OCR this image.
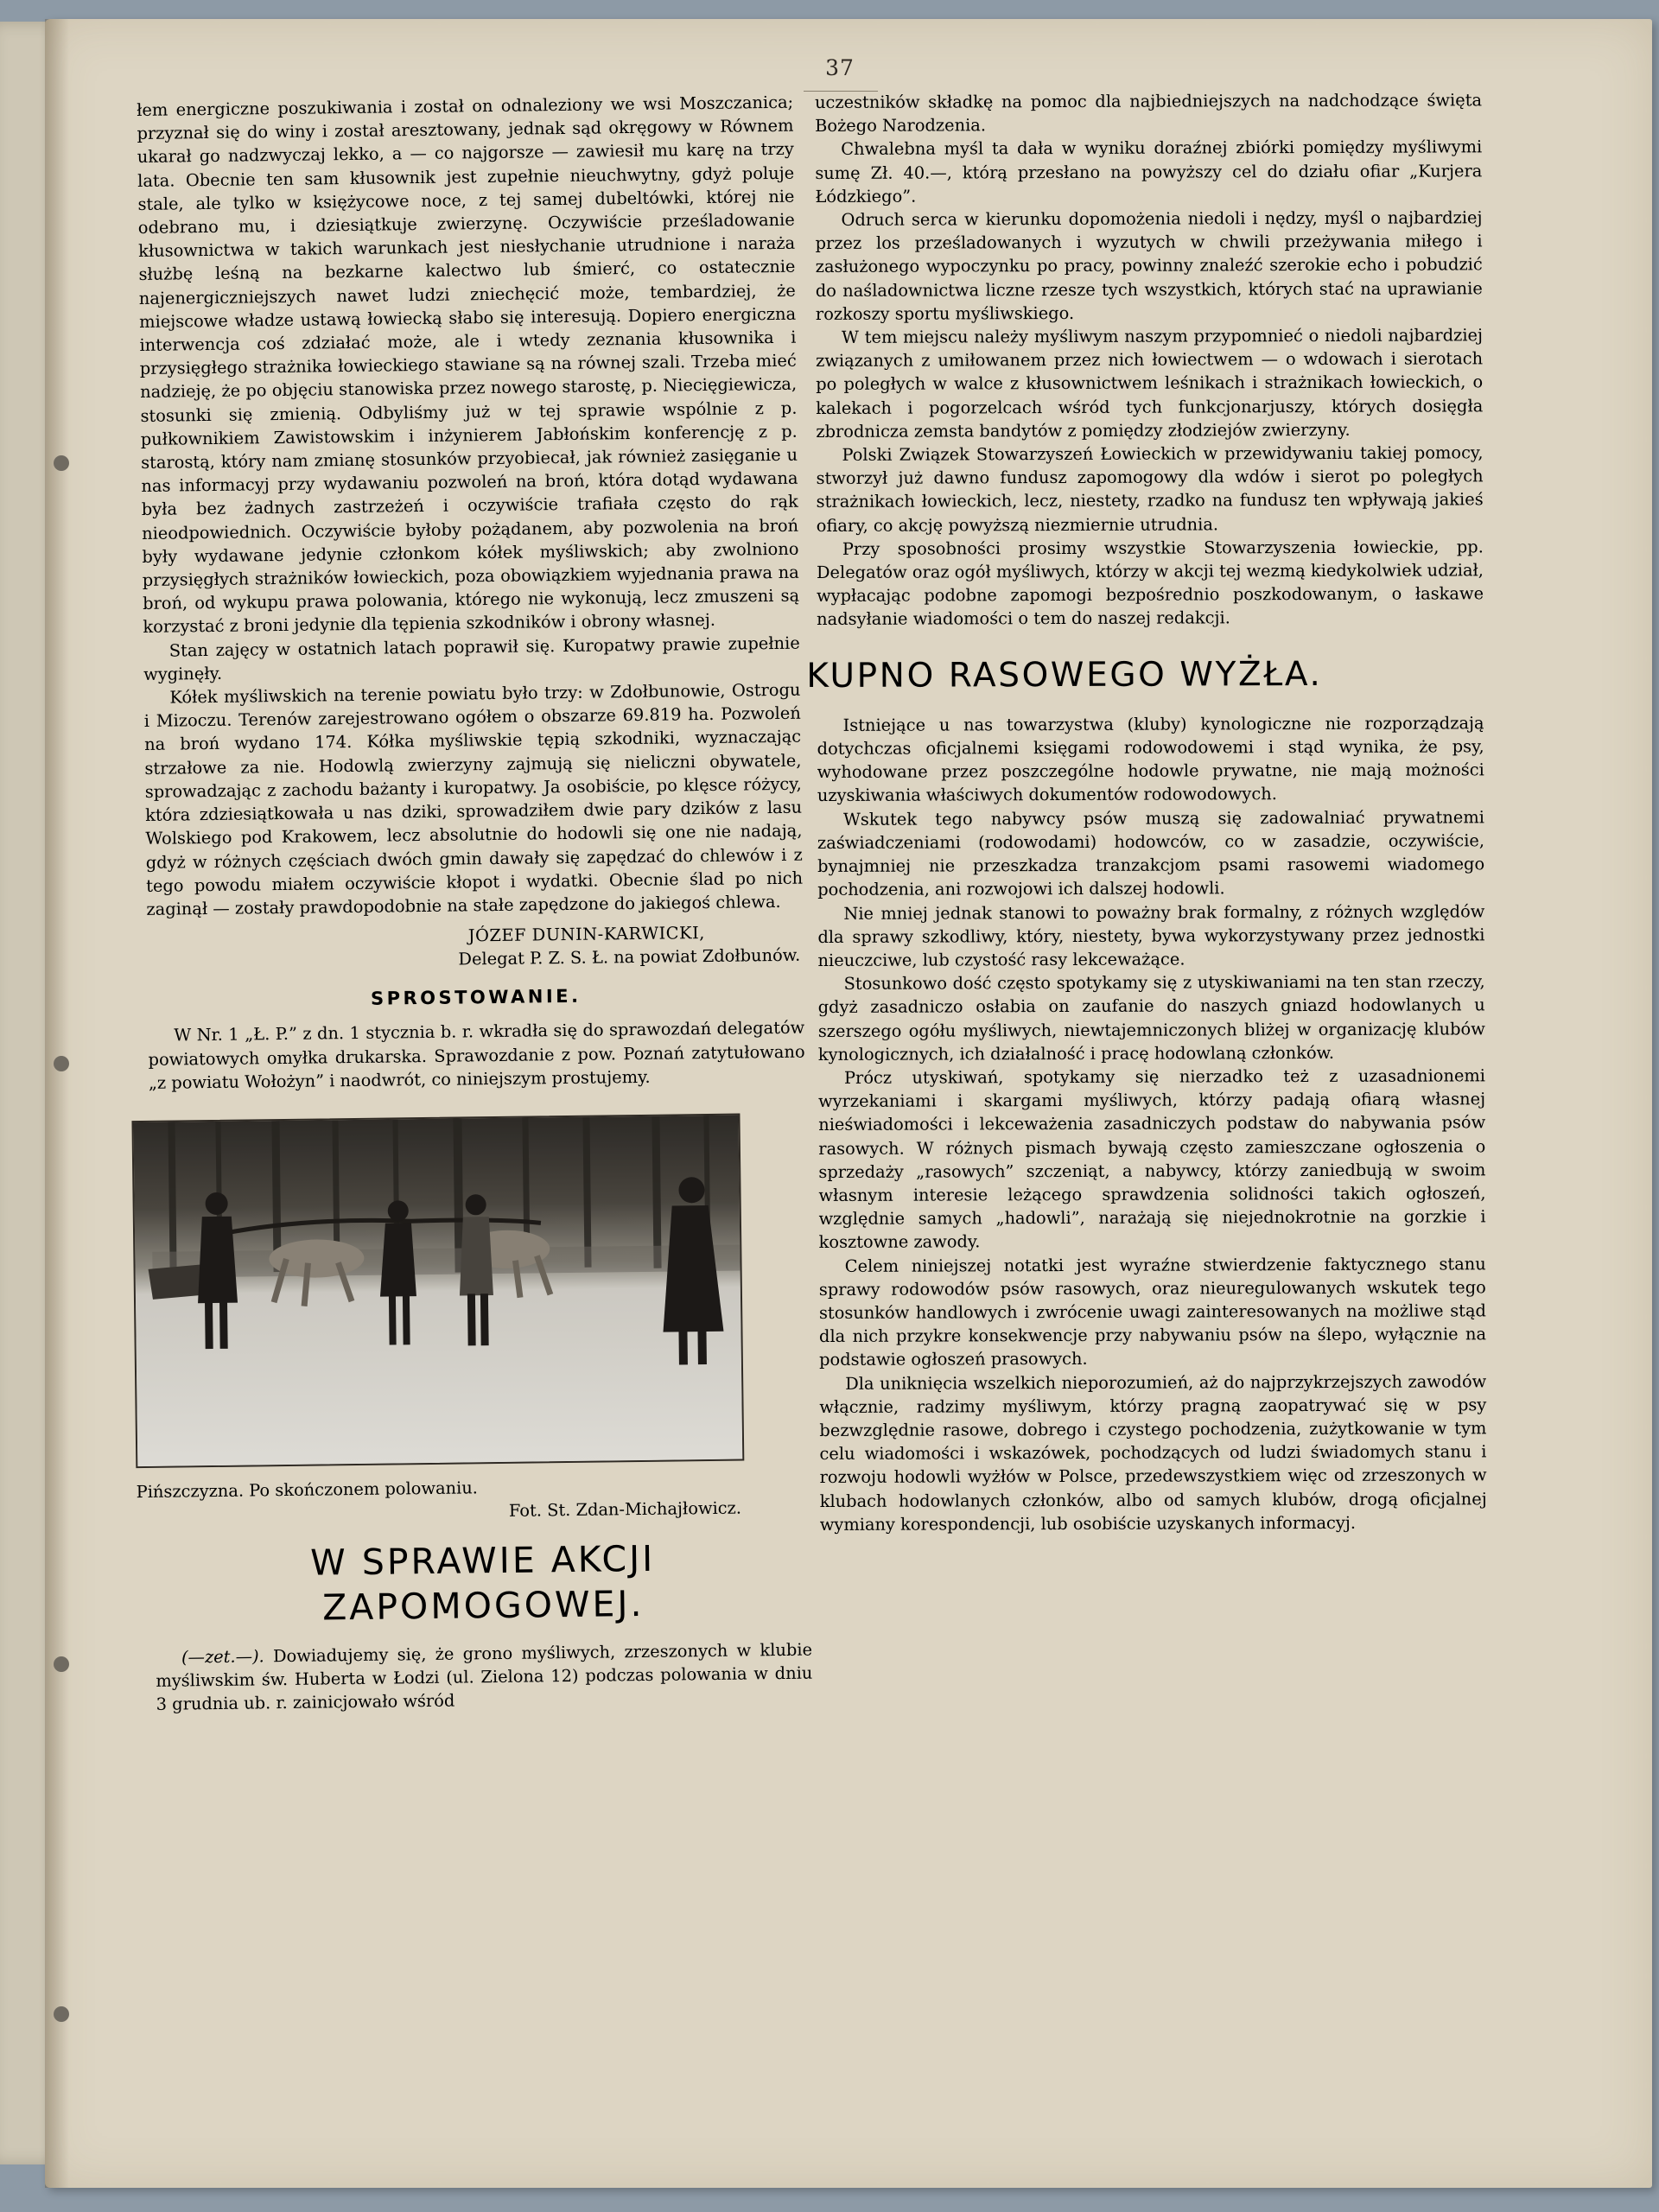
37

łem energiczne poszukiwania i został on odnaleziony we wsi Moszczanica; przyznał się do winy i został aresztowany, jednak sąd okręgowy w Równem ukarał go nadzwyczaj lekko, a — co najgorsze — zawiesił mu karę na trzy lata. Obecnie ten sam kłusownik jest zupełnie nieuchwytny, gdyż poluje stale, ale tylko w księżycowe noce, z tej samej dubeltówki, której nie odebrano mu, i dziesiątkuje zwierzynę. Oczywiście prześladowanie kłusownictwa w takich warunkach jest niesłychanie utrudnione i naraża służbę leśną na bezkarne kalectwo lub śmierć, co ostatecznie najenergiczniejszych nawet ludzi zniechęcić może, tembardziej, że miejscowe władze ustawą łowiecką słabo się interesują. Dopiero energiczna interwencja coś zdziałać może, ale i wtedy zeznania kłusownika i przysięgłego strażnika łowieckiego stawiane są na równej szali. Trzeba mieć nadzieję, że po objęciu stanowiska przez nowego starostę, p. Niecięgiewicza, stosunki się zmienią. Odbyliśmy już w tej sprawie wspólnie z p. pułkownikiem Zawistowskim i inżynierem Jabłońskim konferencję z p. starostą, który nam zmianę stosunków przyobiecał, jak również zasięganie u nas informacyj przy wydawaniu pozwoleń na broń, która dotąd wydawana była bez żadnych zastrzeżeń i oczywiście trafiała często do rąk nieodpowiednich. Oczywiście byłoby pożądanem, aby pozwolenia na broń były wydawane jedynie członkom kółek myśliwskich; aby zwolniono przysięgłych strażników łowieckich, poza obowiązkiem wyjednania prawa na broń, od wykupu prawa polowania, którego nie wykonują, lecz zmuszeni są korzystać z broni jedynie dla tępienia szkodników i obrony własnej.

Stan zajęcy w ostatnich latach poprawił się. Kuropatwy prawie zupełnie wyginęły.

Kółek myśliwskich na terenie powiatu było trzy: w Zdołbunowie, Ostrogu i Mizoczu. Terenów zarejestrowano ogółem o obszarze 69.819 ha. Pozwoleń na broń wydano 174. Kółka myśliwskie tępią szkodniki, wyznaczając strzałowe za nie. Hodowlą zwierzyny zajmują się nieliczni obywatele, sprowadzając z zachodu bażanty i kuropatwy. Ja osobiście, po klęsce różycy, która zdziesiątkowała u nas dziki, sprowadziłem dwie pary dzików z lasu Wolskiego pod Krakowem, lecz absolutnie do hodowli się one nie nadają, gdyż w różnych częściach dwóch gmin dawały się zapędzać do chlewów i z tego powodu miałem oczywiście kłopot i wydatki. Obecnie ślad po nich zaginął — zostały prawdopodobnie na stałe zapędzone do jakiegoś chlewa.

JÓZEF DUNIN-KARWICKI,
Delegat P. Z. S. Ł. na powiat Zdołbunów.
SPROSTOWANIE.

W Nr. 1 „Ł. P.” z dn. 1 stycznia b. r. wkradła się do sprawozdań delegatów powiatowych omyłka drukarska. Sprawozdanie z pow. Poznań zatytułowano „z powiatu Wołożyn” i naodwrót, co niniejszym prostujemy.

Pińszczyzna. Po skończonem polowaniu.
Fot. St. Zdan-Michajłowicz.
W SPRAWIE AKCJI
ZAPOMOGOWEJ.

(—zet.—). Dowiadujemy się, że grono myśliwych, zrzeszonych w klubie myśliwskim św. Huberta w Łodzi (ul. Zielona 12) podczas polowania w dniu 3 grudnia ub. r. zainicjowało wśród

uczestników składkę na pomoc dla najbiedniejszych na nadchodzące święta Bożego Narodzenia.

Chwalebna myśl ta dała w wyniku doraźnej zbiórki pomiędzy myśliwymi sumę Zł. 40.—, którą przesłano na powyższy cel do działu ofiar „Kurjera Łódzkiego”.

Odruch serca w kierunku dopomożenia niedoli i nędzy, myśl o najbardziej przez los prześladowanych i wyzutych w chwili przeżywania miłego i zasłużonego wypoczynku po pracy, powinny znaleźć szerokie echo i pobudzić do naśladownictwa liczne rzesze tych wszystkich, których stać na uprawianie rozkoszy sportu myśliwskiego.

W tem miejscu należy myśliwym naszym przypomnieć o niedoli najbardziej związanych z umiłowanem przez nich łowiectwem — o wdowach i sierotach po poległych w walce z kłusownictwem leśnikach i strażnikach łowieckich, o kalekach i pogorzelcach wśród tych funkcjonarjuszy, których dosięgła zbrodnicza zemsta bandytów z pomiędzy złodziejów zwierzyny.

Polski Związek Stowarzyszeń Łowieckich w przewidywaniu takiej pomocy, stworzył już dawno fundusz zapomogowy dla wdów i sierot po poległych strażnikach łowieckich, lecz, niestety, rzadko na fundusz ten wpływają jakieś ofiary, co akcję powyższą niezmiernie utrudnia.

Przy sposobności prosimy wszystkie Stowarzyszenia łowieckie, pp. Delegatów oraz ogół myśliwych, którzy w akcji tej wezmą kiedykolwiek udział, wypłacając podobne zapomogi bezpośrednio poszkodowanym, o łaskawe nadsyłanie wiadomości o tem do naszej redakcji.

KUPNO RASOWEGO WYŻŁA.

Istniejące u nas towarzystwa (kluby) kynologiczne nie rozporządzają dotychczas oficjalnemi księgami rodowodowemi i stąd wynika, że psy, wyhodowane przez poszczególne hodowle prywatne, nie mają możności uzyskiwania właściwych dokumentów rodowodowych.

Wskutek tego nabywcy psów muszą się zadowalniać prywatnemi zaświadczeniami (rodowodami) hodowców, co w zasadzie, oczywiście, bynajmniej nie przeszkadza tranzakcjom psami rasowemi wiadomego pochodzenia, ani rozwojowi ich dalszej hodowli.

Nie mniej jednak stanowi to poważny brak formalny, z różnych względów dla sprawy szkodliwy, który, niestety, bywa wykorzystywany przez jednostki nieuczciwe, lub czystość rasy lekceważące.

Stosunkowo dość często spotykamy się z utyskiwaniami na ten stan rzeczy, gdyż zasadniczo osłabia on zaufanie do naszych gniazd hodowlanych u szerszego ogółu myśliwych, niewtajemniczonych bliżej w organizację klubów kynologicznych, ich działalność i pracę hodowlaną członków.

Prócz utyskiwań, spotykamy się nierzadko też z uzasadnionemi wyrzekaniami i skargami myśliwych, którzy padają ofiarą własnej nieświadomości i lekceważenia zasadniczych podstaw do nabywania psów rasowych. W różnych pismach bywają często zamieszczane ogłoszenia o sprzedaży „rasowych” szczeniąt, a nabywcy, którzy zaniedbują w swoim własnym interesie leżącego sprawdzenia solidności takich ogłoszeń, względnie samych „hadowli”, narażają się niejednokrotnie na gorzkie i kosztowne zawody.

Celem niniejszej notatki jest wyraźne stwierdzenie faktycznego stanu sprawy rodowodów psów rasowych, oraz nieuregulowanych wskutek tego stosunków handlowych i zwrócenie uwagi zainteresowanych na możliwe stąd dla nich przykre konsekwencje przy nabywaniu psów na ślepo, wyłącznie na podstawie ogłoszeń prasowych.

Dla uniknięcia wszelkich nieporozumień, aż do najprzykrzejszych zawodów włącznie, radzimy myśliwym, którzy pragną zaopatrywać się w psy bezwzględnie rasowe, dobrego i czystego pochodzenia, zużytkowanie w tym celu wiadomości i wskazówek, pochodzących od ludzi świadomych stanu i rozwoju hodowli wyżłów w Polsce, przedewszystkiem więc od zrzeszonych w klubach hodowlanych członków, albo od samych klubów, drogą oficjalnej wymiany korespondencji, lub osobiście uzyskanych informacyj.
